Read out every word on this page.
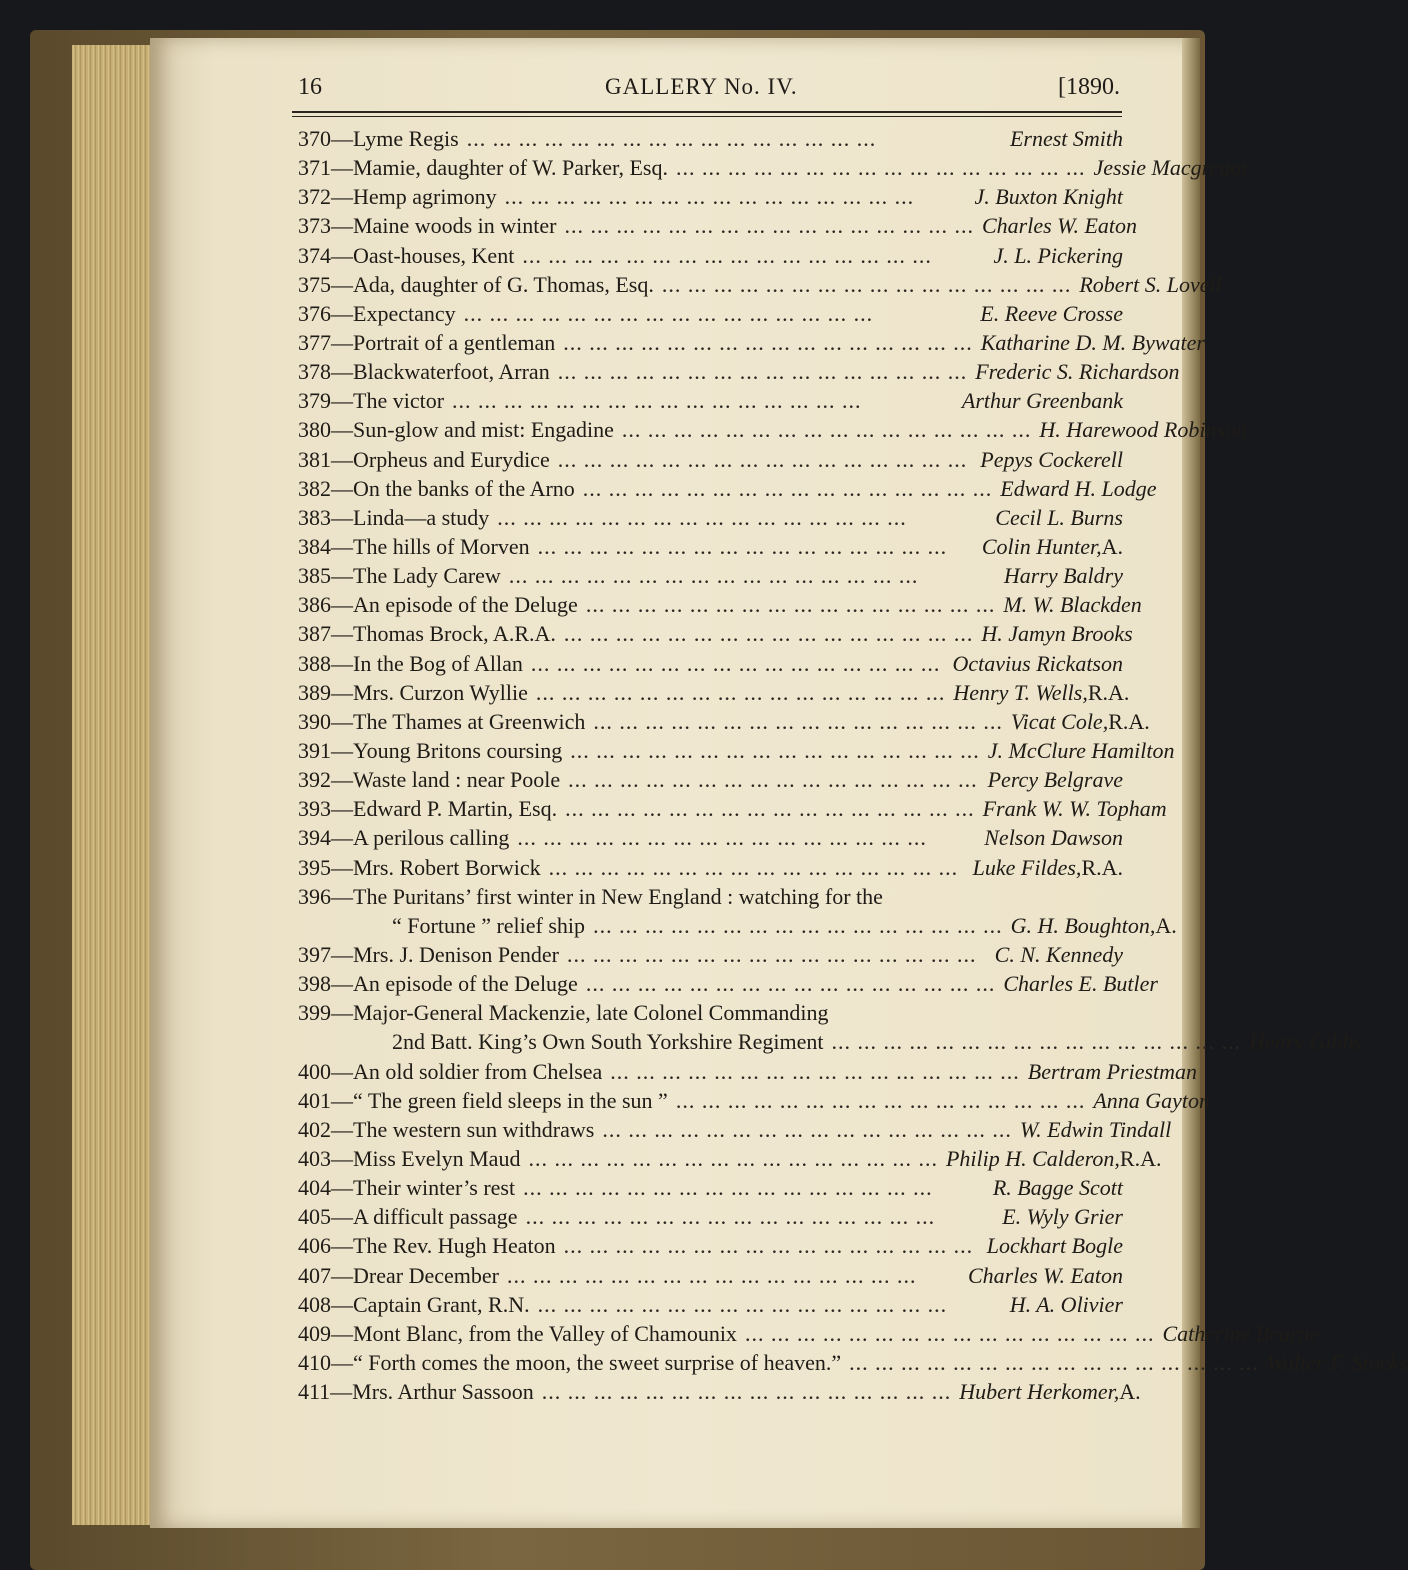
16	GALLERY No. IV.	[1890.
370—Lyme Regis ... ... ... ... ... ... ... ... ... ... ... ... ... ... ... ...	Ernest Smith
371—Mamie, daughter of W. Parker, Esq. ... ... ... ... ... ... ... ... ... ... ... ... ... ... ... ... Jessie Macgregor
372—Hemp agrimony ... ... ... ... ... ... ... ... ... ... ... ... ... ... ... ...	J. Buxton Knight
373—Maine woods in winter ... ... ... ... ... ... ... ... ... ... ... ... ... ... ... ... Charles W. Eaton
374—Oast-houses, Kent ... ... ... ... ... ... ... ... ... ... ... ... ... ... ... ...	J. L. Pickering
375—Ada, daughter of G. Thomas, Esq. ... ... ... ... ... ... ... ... ... ... ... ... ... ... ... ... Robert S. Lovell
376—Expectancy ... ... ... ... ... ... ... ... ... ... ... ... ... ... ... ...	E. Reeve Crosse
377—Portrait of a gentleman ... ... ... ... ... ... ... ... ... ... ... ... ... ... ... ... Katharine D. M. Bywater
378—Blackwaterfoot, Arran ... ... ... ... ... ... ... ... ... ... ... ... ... ... ... ... Frederic S. Richardson
379—The victor ... ... ... ... ... ... ... ... ... ... ... ... ... ... ... ...	Arthur Greenbank
380—Sun-glow and mist: Engadine ... ... ... ... ... ... ... ... ... ... ... ... ... ... ... ... H. Harewood Robinson
381—Orpheus and Eurydice ... ... ... ... ... ... ... ... ... ... ... ... ... ... ... ... Pepys Cockerell
382—On the banks of the Arno ... ... ... ... ... ... ... ... ... ... ... ... ... ... ... ... Edward H. Lodge
383—Linda—a study ... ... ... ... ... ... ... ... ... ... ... ... ... ... ... ...	Cecil L. Burns
384—The hills of Morven ... ... ... ... ... ... ... ... ... ... ... ... ... ... ... ...	Colin Hunter, A.
385—The Lady Carew ... ... ... ... ... ... ... ... ... ... ... ... ... ... ... ...	Harry Baldry
386—An episode of the Deluge ... ... ... ... ... ... ... ... ... ... ... ... ... ... ... ... M. W. Blackden
387—Thomas Brock, A.R.A. ... ... ... ... ... ... ... ... ... ... ... ... ... ... ... ... H. Jamyn Brooks
388—In the Bog of Allan ... ... ... ... ... ... ... ... ... ... ... ... ... ... ... ... Octavius Rickatson
389—Mrs. Curzon Wyllie ... ... ... ... ... ... ... ... ... ... ... ... ... ... ... ... Henry T. Wells, R.A.
390—The Thames at Greenwich ... ... ... ... ... ... ... ... ... ... ... ... ... ... ... ... Vicat Cole, R.A.
391—Young Britons coursing ... ... ... ... ... ... ... ... ... ... ... ... ... ... ... ... J. McClure Hamilton
392—Waste land : near Poole ... ... ... ... ... ... ... ... ... ... ... ... ... ... ... ... Percy Belgrave
393—Edward P. Martin, Esq. ... ... ... ... ... ... ... ... ... ... ... ... ... ... ... ... Frank W. W. Topham
394—A perilous calling ... ... ... ... ... ... ... ... ... ... ... ... ... ... ... ...	Nelson Dawson
395—Mrs. Robert Borwick ... ... ... ... ... ... ... ... ... ... ... ... ... ... ... ... Luke Fildes, R.A.
396—The Puritans’ first winter in New England : watching for the
“ Fortune ” relief ship ... ... ... ... ... ... ... ... ... ... ... ... ... ... ... ... G. H. Boughton, A.
397—Mrs. J. Denison Pender ... ... ... ... ... ... ... ... ... ... ... ... ... ... ... ... C. N. Kennedy
398—An episode of the Deluge ... ... ... ... ... ... ... ... ... ... ... ... ... ... ... ... Charles E. Butler
399—Major-General Mackenzie, late Colonel Commanding
2nd Batt. King’s Own South Yorkshire Regiment ... ... ... ... ... ... ... ... ... ... ... ... ... ... ... ... Henry Gibbs
400—An old soldier from Chelsea ... ... ... ... ... ... ... ... ... ... ... ... ... ... ... ... Bertram Priestman
401—“ The green field sleeps in the sun ” ... ... ... ... ... ... ... ... ... ... ... ... ... ... ... ... Anna Gayton
402—The western sun withdraws ... ... ... ... ... ... ... ... ... ... ... ... ... ... ... ... W. Edwin Tindall
403—Miss Evelyn Maud ... ... ... ... ... ... ... ... ... ... ... ... ... ... ... ... Philip H. Calderon, R.A.
404—Their winter’s rest ... ... ... ... ... ... ... ... ... ... ... ... ... ... ... ...	R. Bagge Scott
405—A difficult passage ... ... ... ... ... ... ... ... ... ... ... ... ... ... ... ...	E. Wyly Grier
406—The Rev. Hugh Heaton ... ... ... ... ... ... ... ... ... ... ... ... ... ... ... ... Lockhart Bogle
407—Drear December ... ... ... ... ... ... ... ... ... ... ... ... ... ... ... ...	Charles W. Eaton
408—Captain Grant, R.N. ... ... ... ... ... ... ... ... ... ... ... ... ... ... ... ...	H. A. Olivier
409—Mont Blanc, from the Valley of Chamounix ... ... ... ... ... ... ... ... ... ... ... ... ... ... ... ... Catherine Bearne
410—“ Forth comes the moon, the sweet surprise of heaven.” ... ... ... ... ... ... ... ... ... ... ... ... ... ... ... ... Walter F. Stocks
411—Mrs. Arthur Sassoon ... ... ... ... ... ... ... ... ... ... ... ... ... ... ... ... Hubert Herkomer, A.
